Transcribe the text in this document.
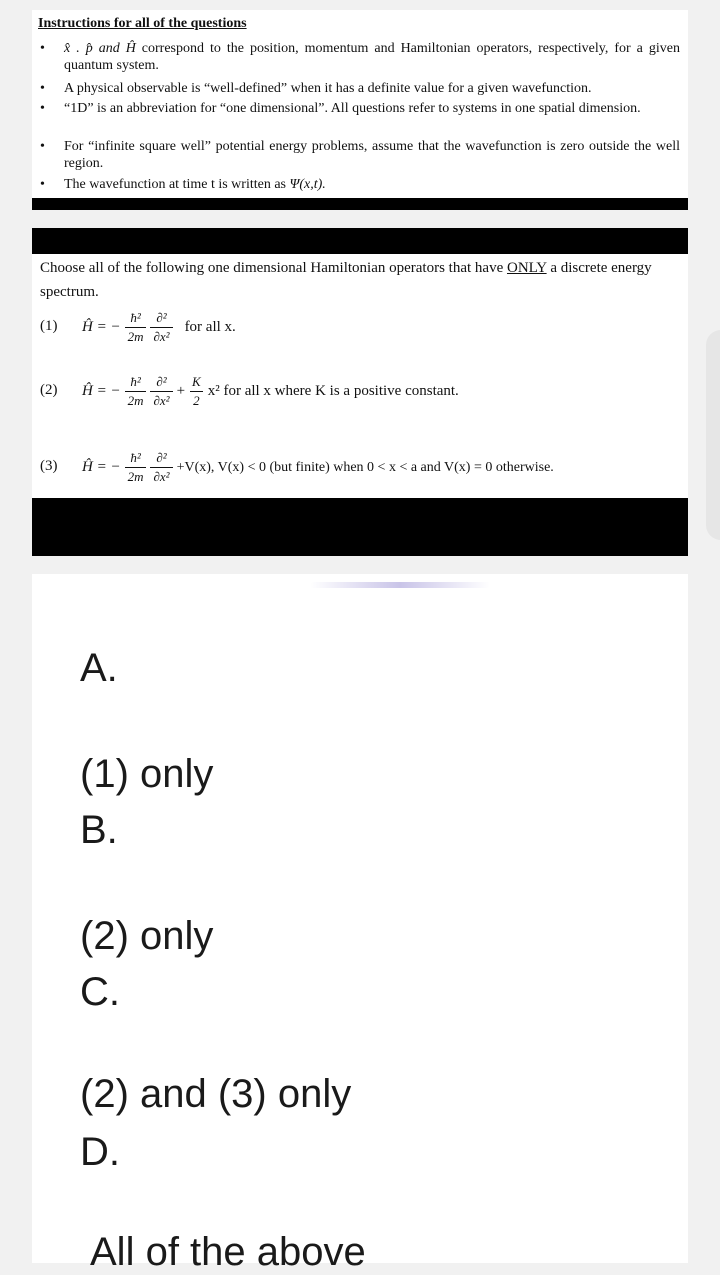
Instructions for all of the questions
• x̂ . p̂ and Ĥ correspond to the position, momentum and Hamiltonian operators, respectively, for a given quantum system.
• A physical observable is “well-defined” when it has a definite value for a given wavefunction.
• “1D” is an abbreviation for “one dimensional”. All questions refer to systems in one spatial dimension.
• For “infinite square well” potential energy problems, assume that the wavefunction is zero outside the well region.
• The wavefunction at time t is written as Ψ(x,t).
Choose all of the following one dimensional Hamiltonian operators that have ONLY a discrete energy spectrum.
(1) Ĥ = − $\frac{\text{ħ²}}{2m} \frac{\text{∂²}}{\text{∂x²}}$ for all x.
(2) Ĥ = − $\frac{\text{ħ²}}{2m} \frac{\text{∂²}}{\text{∂x²}} + \frac{K}{2} x^2$ for all x where K is a positive constant.
(3) Ĥ = − $\frac{\text{ħ²}}{2m} \frac{\text{∂²}}{\text{∂x²}} +V(x)$, V(x) < 0 (but finite) when 0 < x < a and V(x) = 0 otherwise.
A.
(1) only
B.
(2) only
C.
(2) and (3) only
D.
All of the above
